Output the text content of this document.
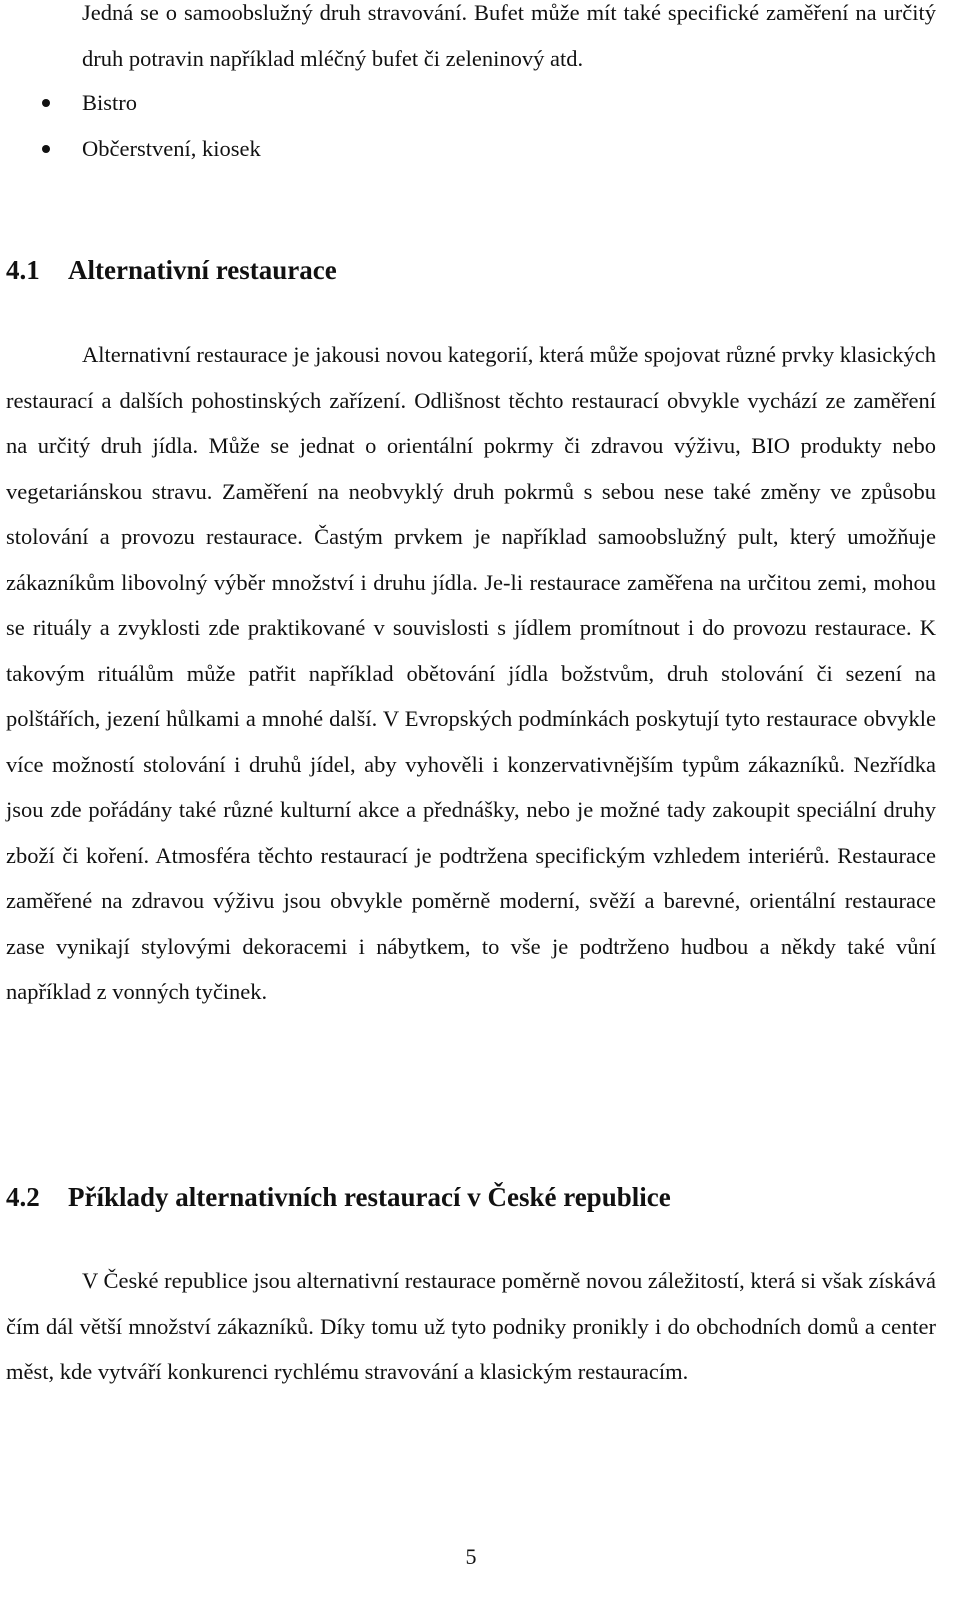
Jedná se o samoobslužný druh stravování. Bufet může mít také specifické zaměření na určitý druh potravin například mléčný bufet či zeleninový atd.

Bistro
Občerstvení, kiosek
4.1 Alternativní restaurace

Alternativní restaurace je jakousi novou kategorií, která může spojovat různé prvky klasických restaurací a dalších pohostinských zařízení. Odlišnost těchto restaurací obvykle vychází ze zaměření na určitý druh jídla. Může se jednat o orientální pokrmy či zdravou výživu, BIO produkty nebo vegetariánskou stravu. Zaměření na neobvyklý druh pokrmů s sebou nese také změny ve způsobu stolování a provozu restaurace. Častým prvkem je například samoobslužný pult, který umožňuje zákazníkům libovolný výběr množství i druhu jídla. Je-li restaurace zaměřena na určitou zemi, mohou se rituály a zvyklosti zde praktikované v souvislosti s jídlem promítnout i do provozu restaurace. K takovým rituálům může patřit například obětování jídla božstvům, druh stolování či sezení na polštářích, jezení hůlkami a mnohé další. V Evropských podmínkách poskytují tyto restaurace obvykle více možností stolování i druhů jídel, aby vyhověli i konzervativnějším typům zákazníků. Nezřídka jsou zde pořádány také různé kulturní akce a přednášky, nebo je možné tady zakoupit speciální druhy zboží či koření. Atmosféra těchto restaurací je podtržena specifickým vzhledem interiérů. Restaurace zaměřené na zdravou výživu jsou obvykle poměrně moderní, svěží a barevné, orientální restaurace zase vynikají stylovými dekoracemi i nábytkem, to vše je podtrženo hudbou a někdy také vůní například z vonných tyčinek.

4.2 Příklady alternativních restaurací v České republice

V České republice jsou alternativní restaurace poměrně novou záležitostí, která si však získává čím dál větší množství zákazníků. Díky tomu už tyto podniky pronikly i do obchodních domů a center měst, kde vytváří konkurenci rychlému stravování a klasickým restauracím.

5
